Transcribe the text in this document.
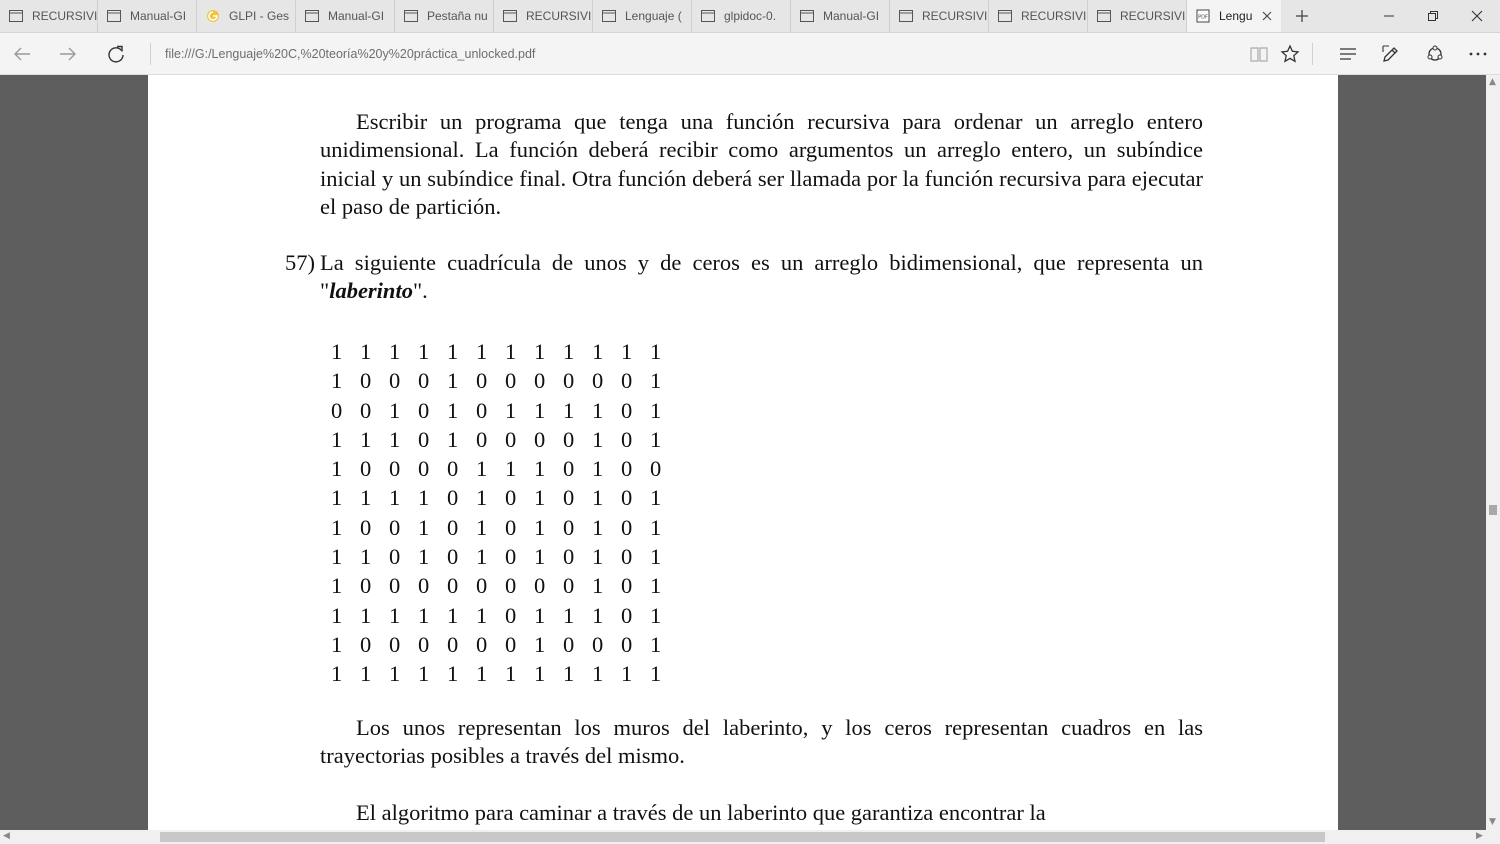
RECURSIVI	Manual-GI	GLPI - Ges	Manual-GI	Pestaña nu	RECURSIVI	Lenguaje (	glpidoc-0.	Manual-GI	RECURSIVI	RECURSIVI	RECURSIVI	PDF Lengu
file:///G:/Lenguaje%20C,%20teoría%20y%20práctica_unlocked.pdf

Escribir un programa que tenga una función recursiva para ordenar un arreglo entero unidimensional. La función deberá recibir como argumentos un arreglo entero, un subíndice inicial y un subíndice final. Otra función deberá ser llamada por la función recursiva para ejecutar el paso de partición.

57) La siguiente cuadrícula de unos y de ceros es un arreglo bidimensional, que representa un "laberinto".

1 1 1 1 1 1 1 1 1 1 1 1
1 0 0 0 1 0 0 0 0 0 0 1
0 0 1 0 1 0 1 1 1 1 0 1
1 1 1 0 1 0 0 0 0 1 0 1
1 0 0 0 0 1 1 1 0 1 0 0
1 1 1 1 0 1 0 1 0 1 0 1
1 0 0 1 0 1 0 1 0 1 0 1
1 1 0 1 0 1 0 1 0 1 0 1
1 0 0 0 0 0 0 0 0 1 0 1
1 1 1 1 1 1 0 1 1 1 0 1
1 0 0 0 0 0 0 1 0 0 0 1
1 1 1 1 1 1 1 1 1 1 1 1

Los unos representan los muros del laberinto, y los ceros representan cuadros en las trayectorias posibles a través del mismo.

El algoritmo para caminar a través de un laberinto que garantiza encontrar la

▲
▼
◀	▶
